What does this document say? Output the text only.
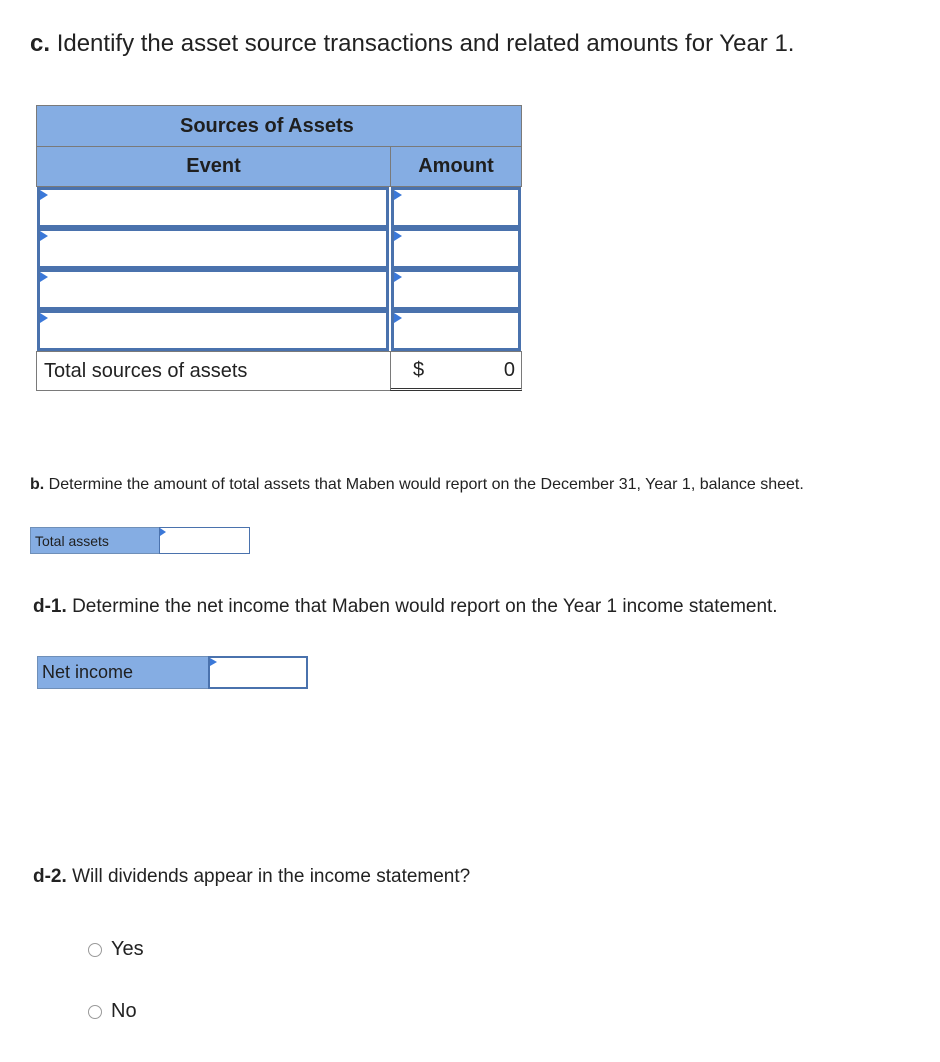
c. Identify the asset source transactions and related amounts for Year 1.

Sources of Assets
Event	Amount
Total sources of assets	$	0

b. Determine the amount of total assets that Maben would report on the December 31, Year 1, balance sheet.

Total assets

d-1. Determine the net income that Maben would report on the Year 1 income statement.

Net income

d-2. Will dividends appear in the income statement?

Yes
No
